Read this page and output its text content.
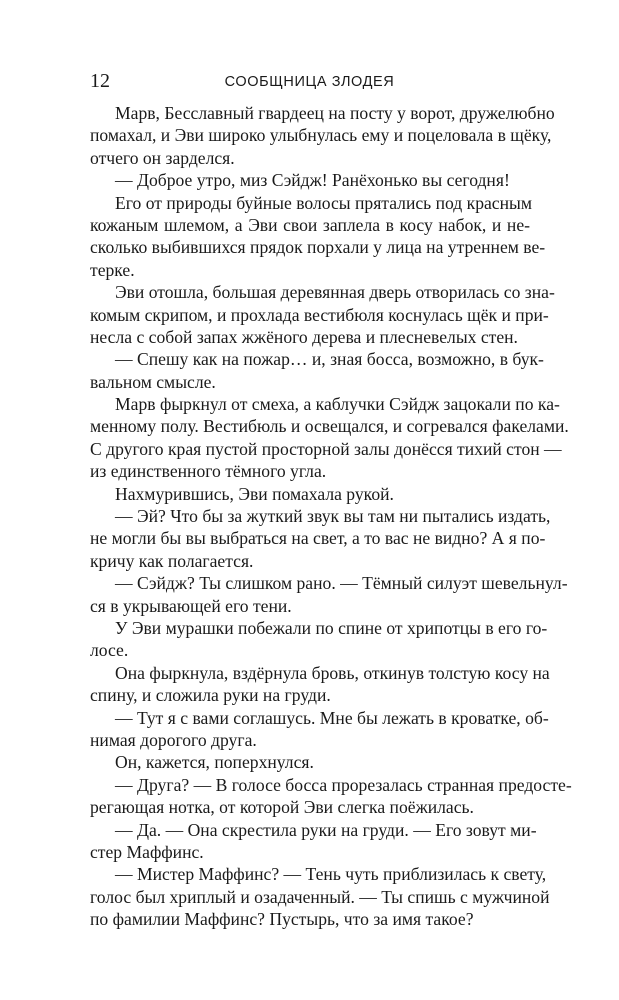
12	СООБЩНИЦА ЗЛОДЕЯ
Марв, Бесславный гвардеец на посту у ворот, дружелюбно
помахал, и Эви широко улыбнулась ему и поцеловала в щёку,
отчего он зарделся.
— Доброе утро, миз Сэйдж! Ранёхонько вы сегодня!
Его от природы буйные волосы прятались под красным
кожаным шлемом, а Эви свои заплела в косу набок, и не-
сколько выбившихся прядок порхали у лица на утреннем ве-
терке.
Эви отошла, большая деревянная дверь отворилась со зна-
комым скрипом, и прохлада вестибюля коснулась щёк и при-
несла с собой запах жжёного дерева и плесневелых стен.
— Спешу как на пожар… и, зная босса, возможно, в бук-
вальном смысле.
Марв фыркнул от смеха, а каблучки Сэйдж зацокали по ка-
менному полу. Вестибюль и освещался, и согревался факелами.
С другого края пустой просторной залы донёсся тихий стон —
из единственного тёмного угла.
Нахмурившись, Эви помахала рукой.
— Эй? Что бы за жуткий звук вы там ни пытались издать,
не могли бы вы выбраться на свет, а то вас не видно? А я по-
кричу как полагается.
— Сэйдж? Ты слишком рано. — Тёмный силуэт шевельнул-
ся в укрывающей его тени.
У Эви мурашки побежали по спине от хрипотцы в его го-
лосе.
Она фыркнула, вздёрнула бровь, откинув толстую косу на
спину, и сложила руки на груди.
— Тут я с вами соглашусь. Мне бы лежать в кроватке, об-
нимая дорогого друга.
Он, кажется, поперхнулся.
— Друга? — В голосе босса прорезалась странная предосте-
регающая нотка, от которой Эви слегка поёжилась.
— Да. — Она скрестила руки на груди. — Его зовут ми-
стер Маффинс.
— Мистер Маффинс? — Тень чуть приблизилась к свету,
голос был хриплый и озадаченный. — Ты спишь с мужчиной
по фамилии Маффинс? Пустырь, что за имя такое?
